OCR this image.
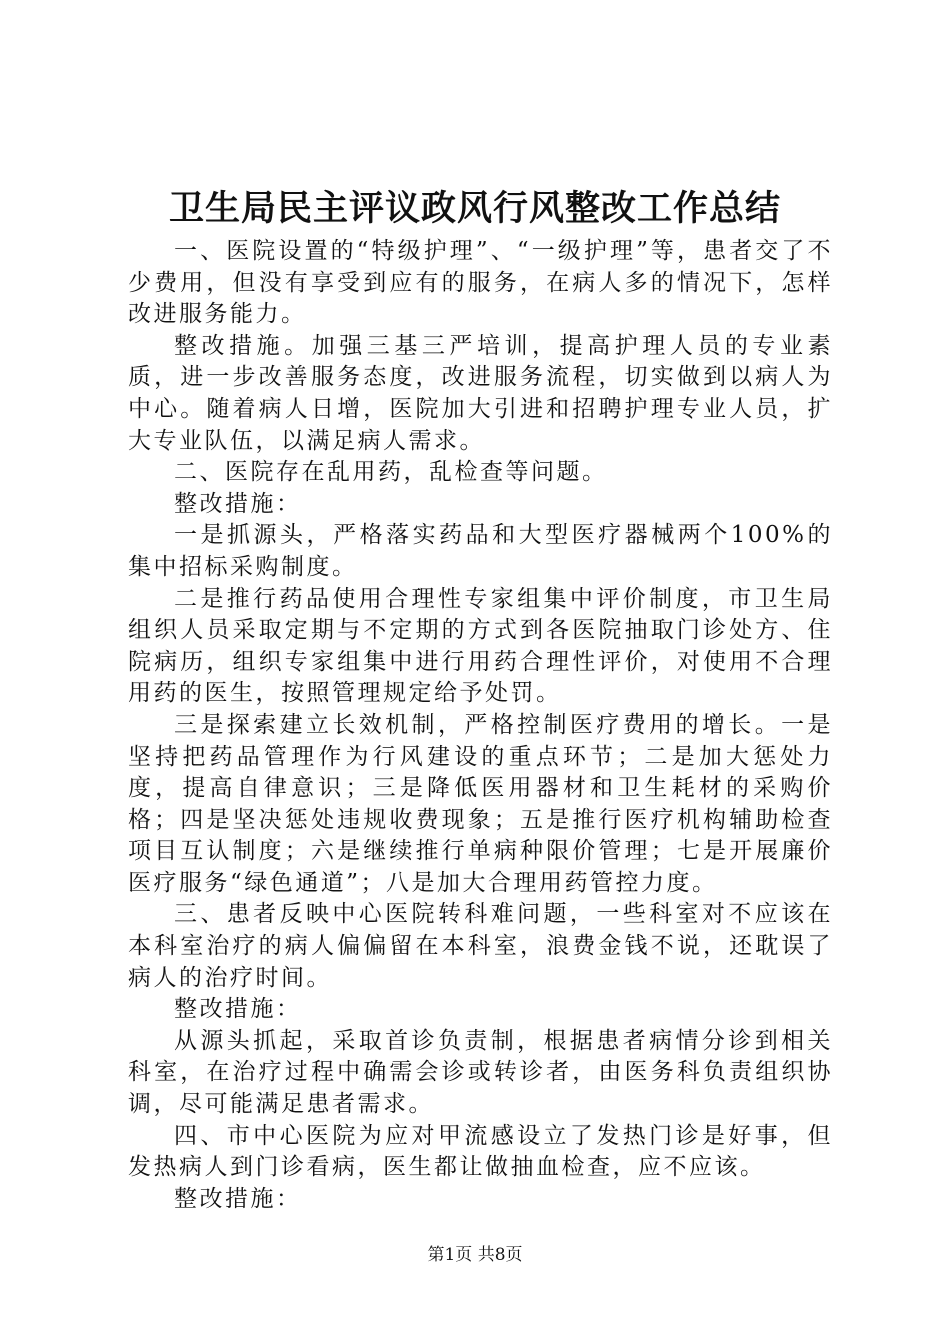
卫生局民主评议政风行风整改工作总结

一、医院设置的“特级护理”、“一级护理”等，患者交了不少费用，但没有享受到应有的服务，在病人多的情况下，怎样改进服务能力。

整改措施。加强三基三严培训，提高护理人员的专业素质，进一步改善服务态度，改进服务流程，切实做到以病人为中心。随着病人日增，医院加大引进和招聘护理专业人员，扩大专业队伍，以满足病人需求。

二、医院存在乱用药，乱检查等问题。

整改措施：

一是抓源头，严格落实药品和大型医疗器械两个100%的集中招标采购制度。

二是推行药品使用合理性专家组集中评价制度，市卫生局组织人员采取定期与不定期的方式到各医院抽取门诊处方、住院病历，组织专家组集中进行用药合理性评价，对使用不合理用药的医生，按照管理规定给予处罚。

三是探索建立长效机制，严格控制医疗费用的增长。一是坚持把药品管理作为行风建设的重点环节；二是加大惩处力度，提高自律意识；三是降低医用器材和卫生耗材的采购价格；四是坚决惩处违规收费现象；五是推行医疗机构辅助检查项目互认制度；六是继续推行单病种限价管理；七是开展廉价医疗服务“绿色通道”；八是加大合理用药管控力度。

三、患者反映中心医院转科难问题，一些科室对不应该在本科室治疗的病人偏偏留在本科室，浪费金钱不说，还耽误了病人的治疗时间。

整改措施：

从源头抓起，采取首诊负责制，根据患者病情分诊到相关科室，在治疗过程中确需会诊或转诊者，由医务科负责组织协调，尽可能满足患者需求。

四、市中心医院为应对甲流感设立了发热门诊是好事，但发热病人到门诊看病，医生都让做抽血检查，应不应该。

整改措施：

第1页 共8页
